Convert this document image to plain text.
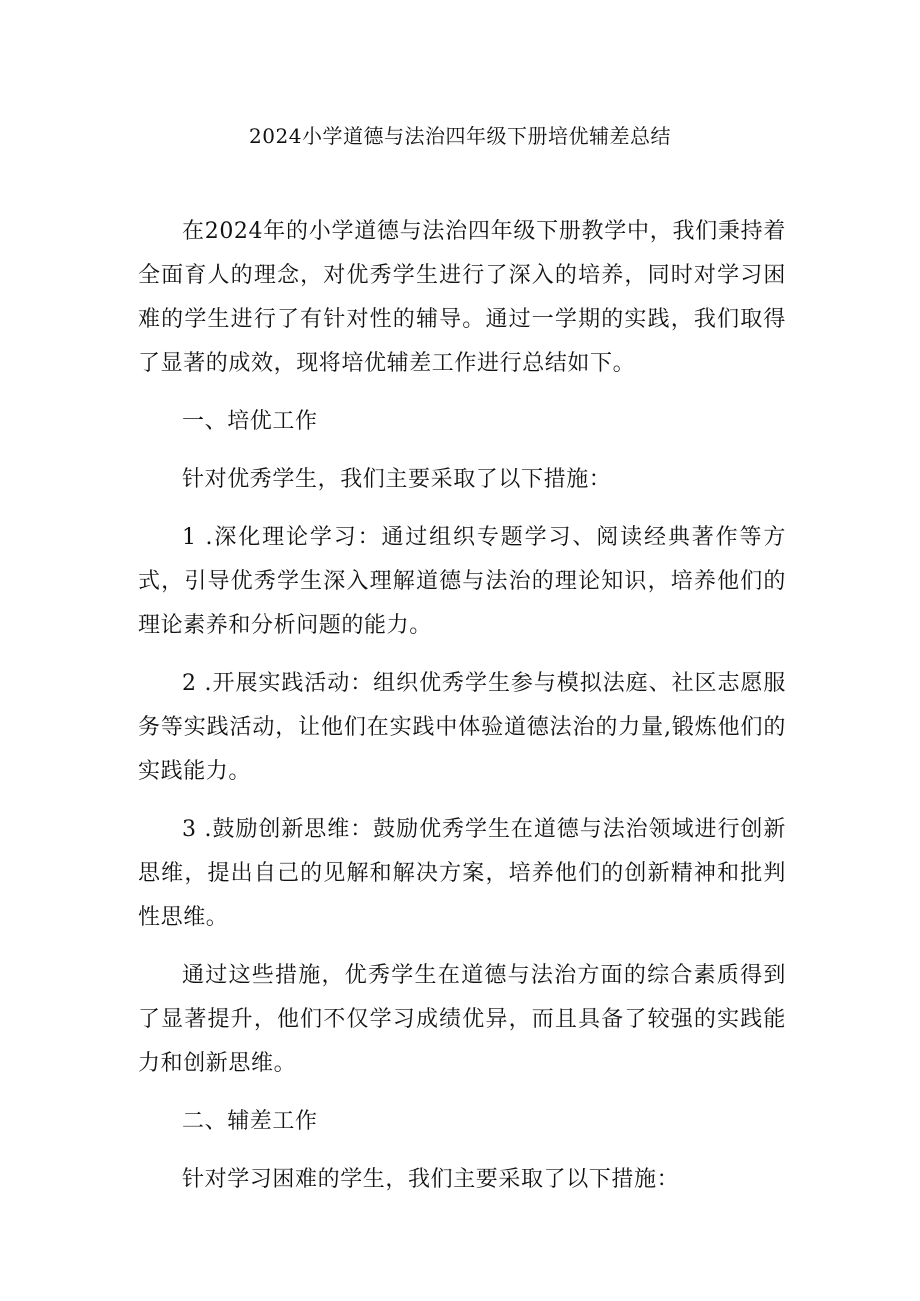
2024小学道德与法治四年级下册培优辅差总结

在2024年的小学道德与法治四年级下册教学中，我们秉持着全面育人的理念，对优秀学生进行了深入的培养，同时对学习困难的学生进行了有针对性的辅导。通过一学期的实践，我们取得了显著的成效，现将培优辅差工作进行总结如下。

一、培优工作

针对优秀学生，我们主要采取了以下措施：

1 .深化理论学习：通过组织专题学习、阅读经典著作等方式，引导优秀学生深入理解道德与法治的理论知识，培养他们的理论素养和分析问题的能力。

2 .开展实践活动：组织优秀学生参与模拟法庭、社区志愿服务等实践活动，让他们在实践中体验道德法治的力量,锻炼他们的实践能力。

3 .鼓励创新思维：鼓励优秀学生在道德与法治领域进行创新思维，提出自己的见解和解决方案，培养他们的创新精神和批判性思维。

通过这些措施，优秀学生在道德与法治方面的综合素质得到了显著提升，他们不仅学习成绩优异，而且具备了较强的实践能力和创新思维。

二、辅差工作

针对学习困难的学生，我们主要采取了以下措施：
